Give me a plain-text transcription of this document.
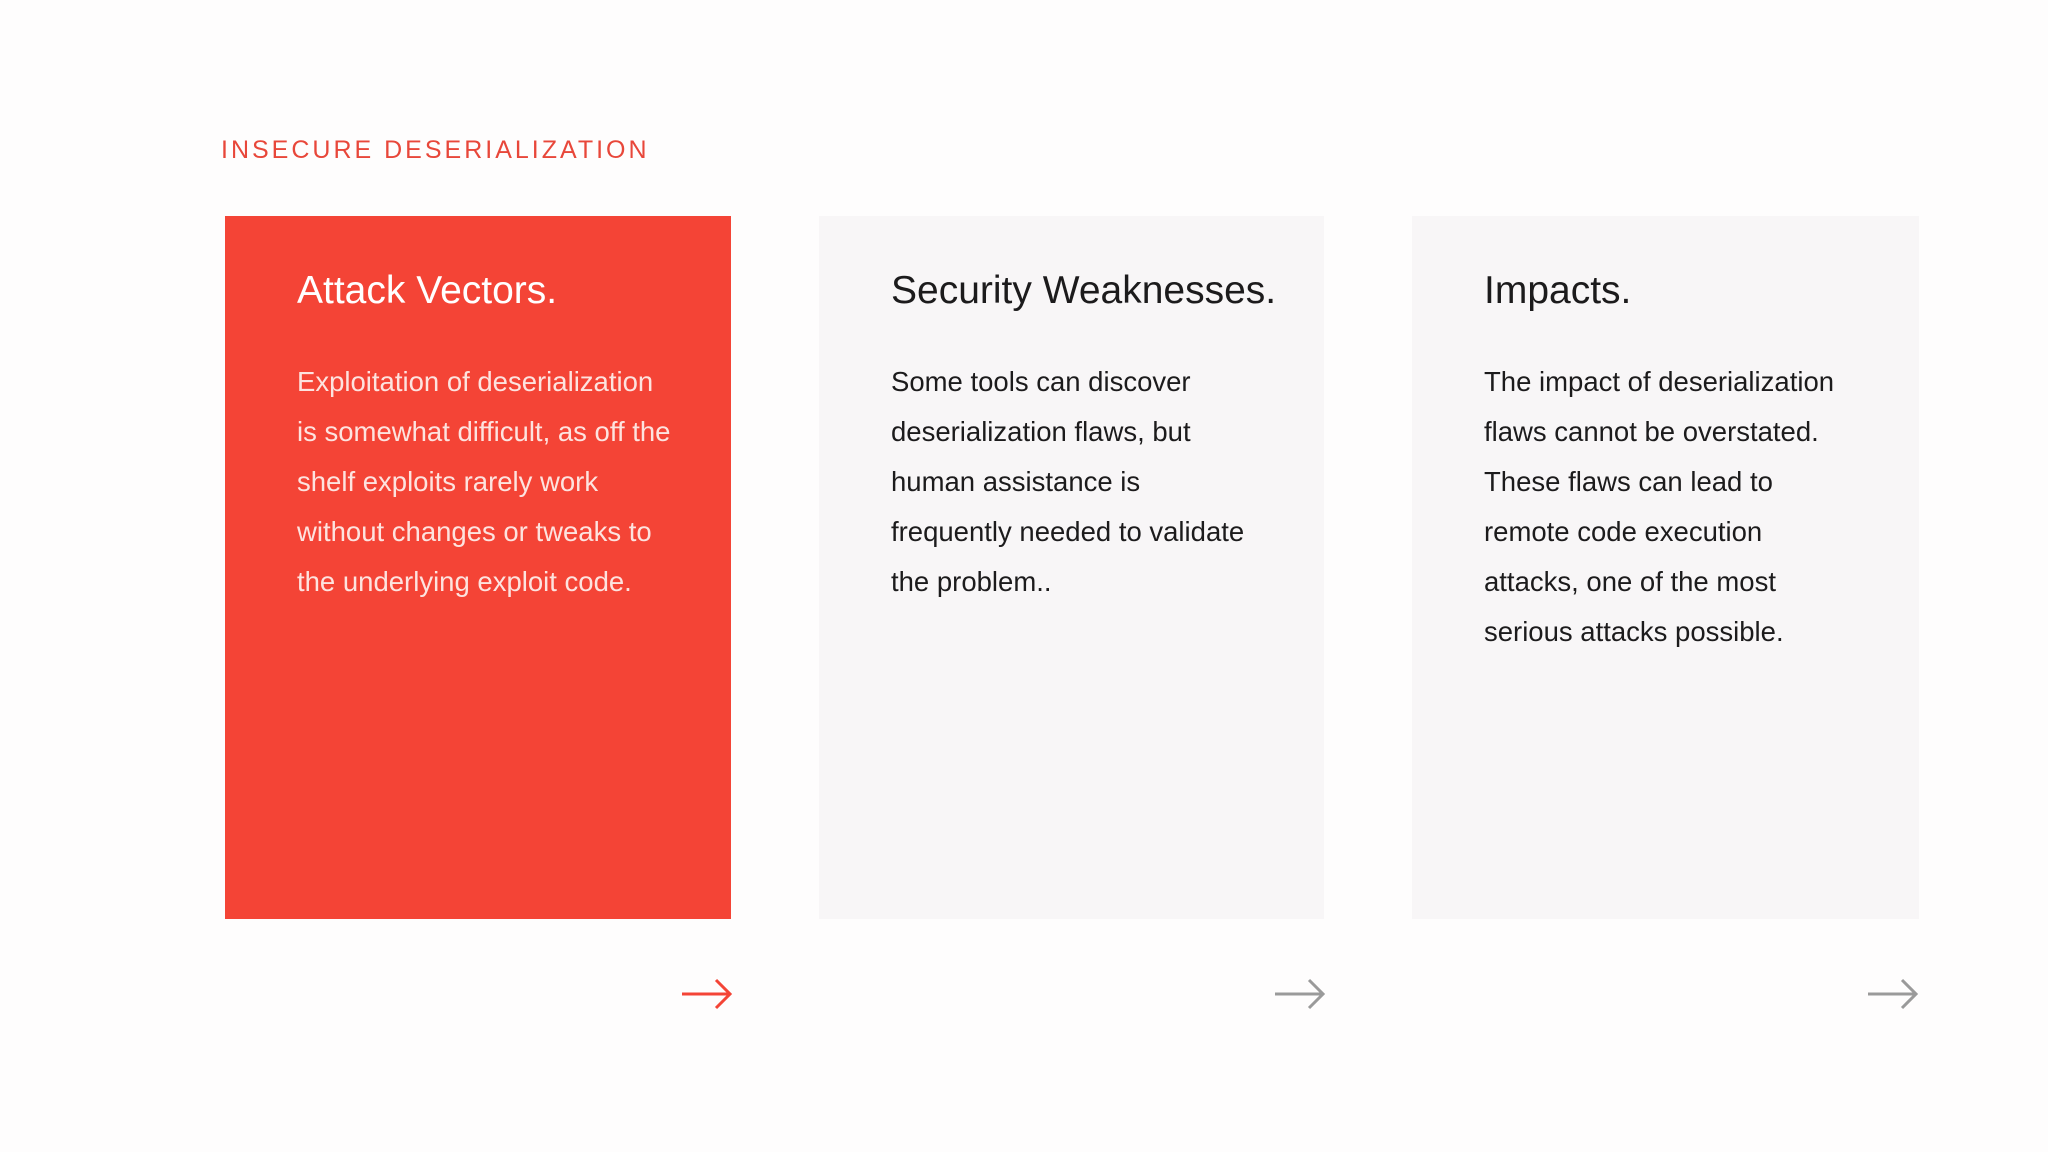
INSECURE DESERIALIZATION
Attack Vectors.
Exploitation of deserialization is somewhat difficult, as off the shelf exploits rarely work without changes or tweaks to the underlying exploit code.
Security Weaknesses.
Some tools can discover deserialization flaws, but human assistance is frequently needed to validate the problem..
Impacts.
The impact of deserialization flaws cannot be overstated. These flaws can lead to remote code execution attacks, one of the most serious attacks possible.
